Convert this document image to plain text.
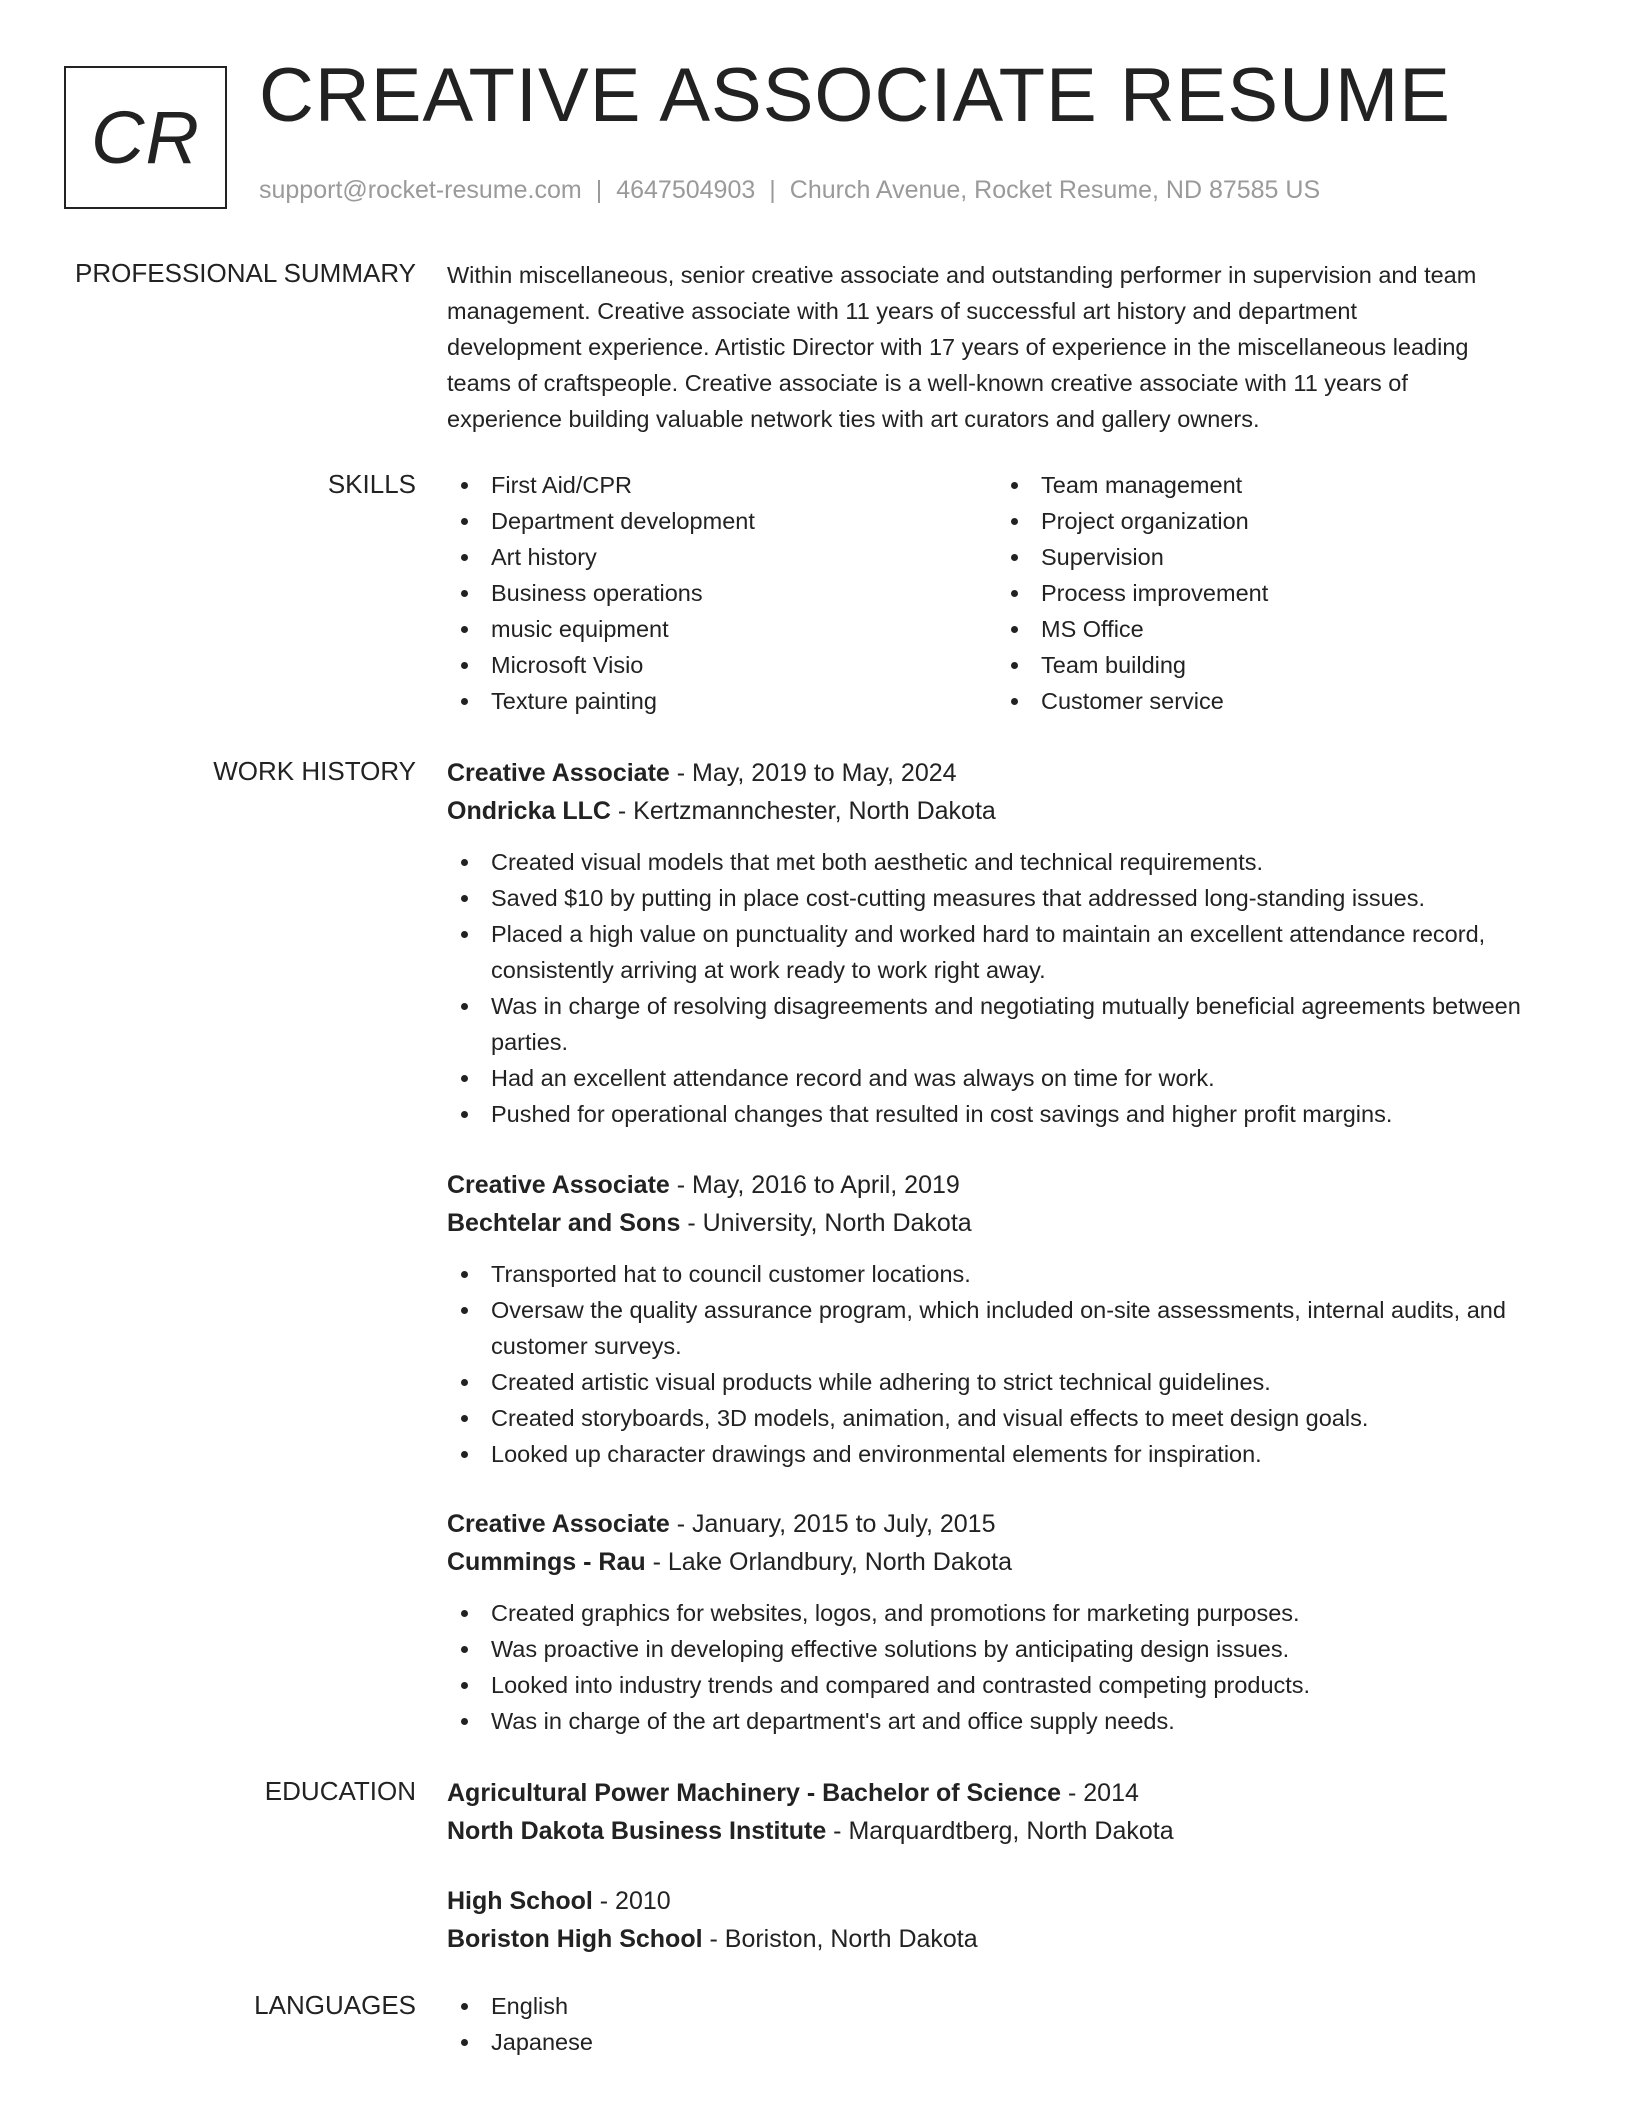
CR CREATIVE ASSOCIATE RESUME
support@rocket-resume.com | 4647504903 | Church Avenue, Rocket Resume, ND 87585 US
PROFESSIONAL SUMMARY Within miscellaneous, senior creative associate and outstanding performer in supervision and team
management. Creative associate with 11 years of successful art history and department
development experience. Artistic Director with 17 years of experience in the miscellaneous leading
teams of craftspeople. Creative associate is a well-known creative associate with 11 years of
experience building valuable network ties with art curators and gallery owners.
SKILLS	First Aid/CPR	Team management
Department development	Project organization
Art history	Supervision
Business operations	Process improvement
music equipment	MS Office
Microsoft Visio	Team building
Texture painting	Customer service
WORK HISTORY Creative Associate - May, 2019 to May, 2024
Ondricka LLC - Kertzmannchester, North Dakota
Created visual models that met both aesthetic and technical requirements.
Saved $10 by putting in place cost-cutting measures that addressed long-standing issues.
Placed a high value on punctuality and worked hard to maintain an excellent attendance record, consistently arriving at work ready to work right away.
Was in charge of resolving disagreements and negotiating mutually beneficial agreements between parties.
Had an excellent attendance record and was always on time for work.
Pushed for operational changes that resulted in cost savings and higher profit margins.
Creative Associate - May, 2016 to April, 2019
Bechtelar and Sons - University, North Dakota
Transported hat to council customer locations.
Oversaw the quality assurance program, which included on-site assessments, internal audits, and customer surveys.
Created artistic visual products while adhering to strict technical guidelines.
Created storyboards, 3D models, animation, and visual effects to meet design goals.
Looked up character drawings and environmental elements for inspiration.
Creative Associate - January, 2015 to July, 2015
Cummings - Rau - Lake Orlandbury, North Dakota
Created graphics for websites, logos, and promotions for marketing purposes.
Was proactive in developing effective solutions by anticipating design issues.
Looked into industry trends and compared and contrasted competing products.
Was in charge of the art department's art and office supply needs.
EDUCATION Agricultural Power Machinery - Bachelor of Science - 2014
North Dakota Business Institute - Marquardtberg, North Dakota
High School - 2010
Boriston High School - Boriston, North Dakota
LANGUAGES	English
Japanese
